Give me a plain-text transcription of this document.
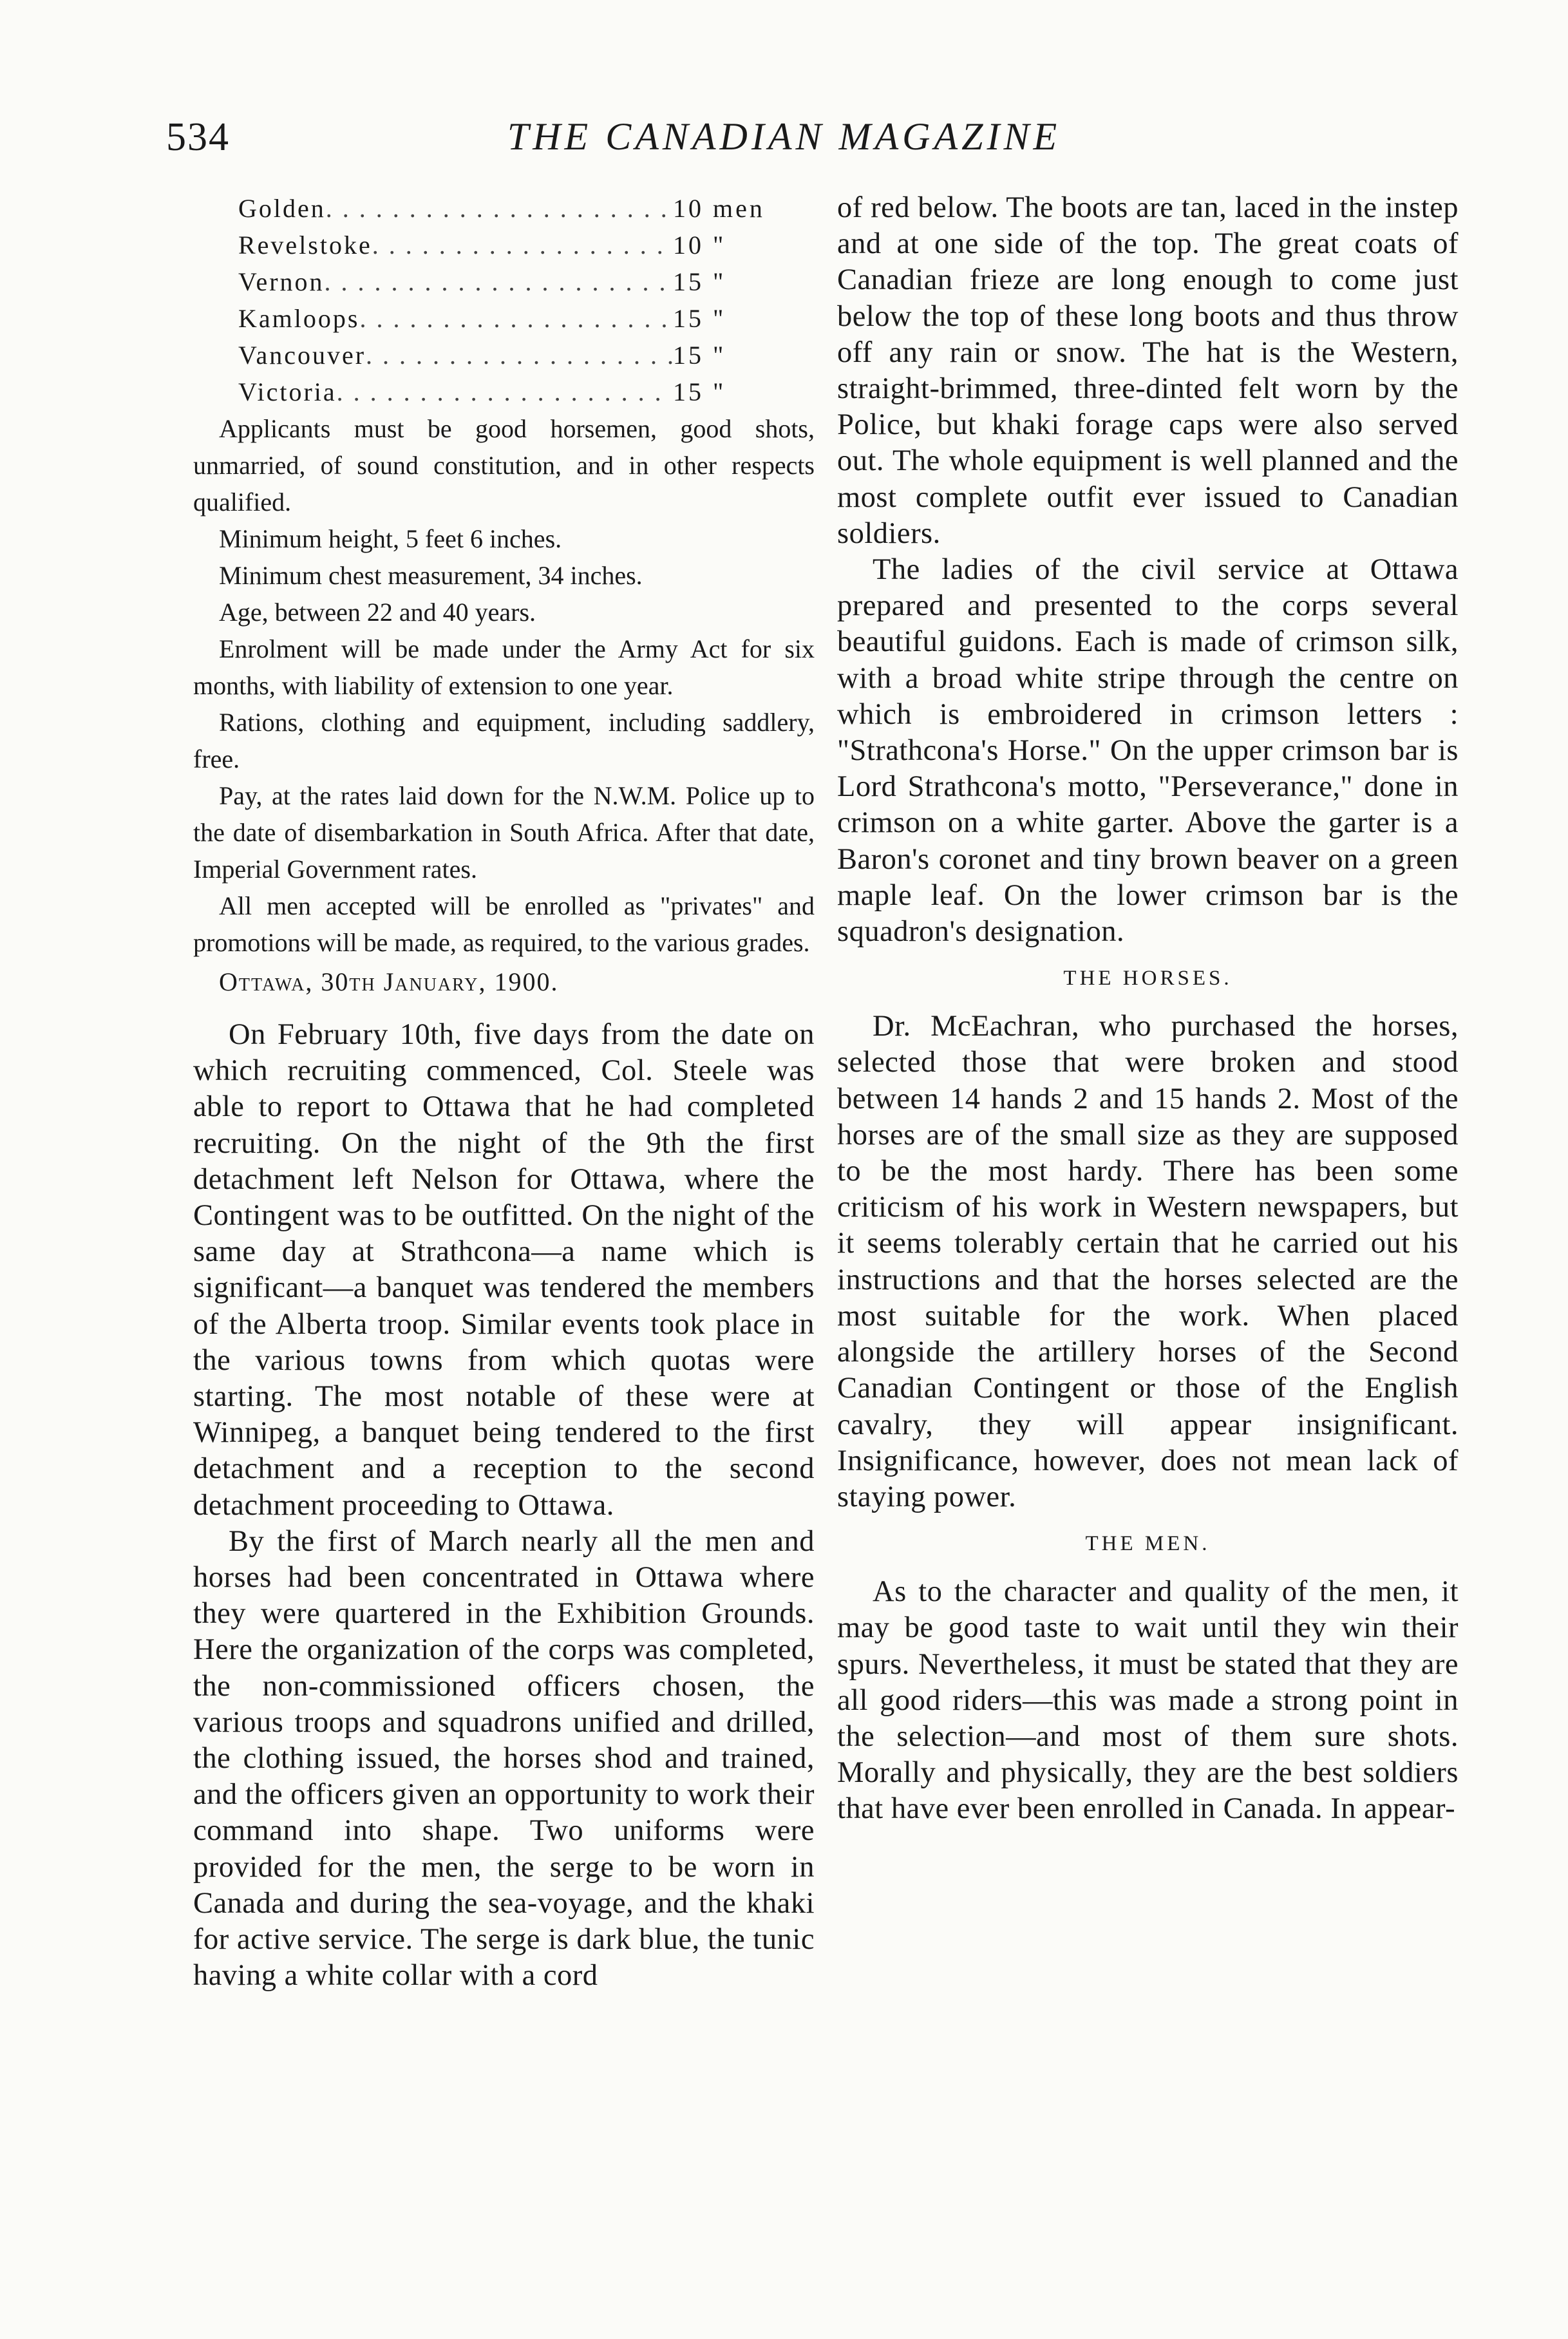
534	THE CANADIAN MAGAZINE
Golden . . .	10 men
Revelstoke . . .	10 "
Vernon . . .	15 "
Kamloops . . .	15 "
Vancouver . . .	15 "
Victoria . . .	15 "

Applicants must be good horsemen, good shots, unmarried, of sound constitution, and in other respects qualified.

Minimum height, 5 feet 6 inches.

Minimum chest measurement, 34 inches.

Age, between 22 and 40 years.

Enrolment will be made under the Army Act for six months, with liability of extension to one year.

Rations, clothing and equipment, including saddlery, free.

Pay, at the rates laid down for the N.W.M. Police up to the date of disembarkation in South Africa. After that date, Imperial Government rates.

All men accepted will be enrolled as "privates" and promotions will be made, as required, to the various grades.

Ottawa, 30th January, 1900.

On February 10th, five days from the date on which recruiting commenced, Col. Steele was able to report to Ottawa that he had completed recruiting. On the night of the 9th the first detachment left Nelson for Ottawa, where the Contingent was to be outfitted. On the night of the same day at Strathcona—a name which is significant—a banquet was tendered the members of the Alberta troop. Similar events took place in the various towns from which quotas were starting. The most notable of these were at Winnipeg, a banquet being tendered to the first detachment and a reception to the second detachment proceeding to Ottawa.

By the first of March nearly all the men and horses had been concentrated in Ottawa where they were quartered in the Exhibition Grounds. Here the organization of the corps was completed, the non-commissioned officers chosen, the various troops and squadrons unified and drilled, the clothing issued, the horses shod and trained, and the officers given an opportunity to work their command into shape. Two uniforms were provided for the men, the serge to be worn in Canada and during the sea-voyage, and the khaki for active service. The serge is dark blue, the tunic having a white collar with a cord

of red below. The boots are tan, laced in the instep and at one side of the top. The great coats of Canadian frieze are long enough to come just below the top of these long boots and thus throw off any rain or snow. The hat is the Western, straight-brimmed, three-dinted felt worn by the Police, but khaki forage caps were also served out. The whole equipment is well planned and the most complete outfit ever issued to Canadian soldiers.

The ladies of the civil service at Ottawa prepared and presented to the corps several beautiful guidons. Each is made of crimson silk, with a broad white stripe through the centre on which is embroidered in crimson letters : "Strathcona's Horse." On the upper crimson bar is Lord Strathcona's motto, "Perseverance," done in crimson on a white garter. Above the garter is a Baron's coronet and tiny brown beaver on a green maple leaf. On the lower crimson bar is the squadron's designation.

THE HORSES.

Dr. McEachran, who purchased the horses, selected those that were broken and stood between 14 hands 2 and 15 hands 2. Most of the horses are of the small size as they are supposed to be the most hardy. There has been some criticism of his work in Western newspapers, but it seems tolerably certain that he carried out his instructions and that the horses selected are the most suitable for the work. When placed alongside the artillery horses of the Second Canadian Contingent or those of the English cavalry, they will appear insignificant. Insignificance, however, does not mean lack of staying power.

THE MEN.

As to the character and quality of the men, it may be good taste to wait until they win their spurs. Nevertheless, it must be stated that they are all good riders—this was made a strong point in the selection—and most of them sure shots. Morally and physically, they are the best soldiers that have ever been enrolled in Canada. In appear-
